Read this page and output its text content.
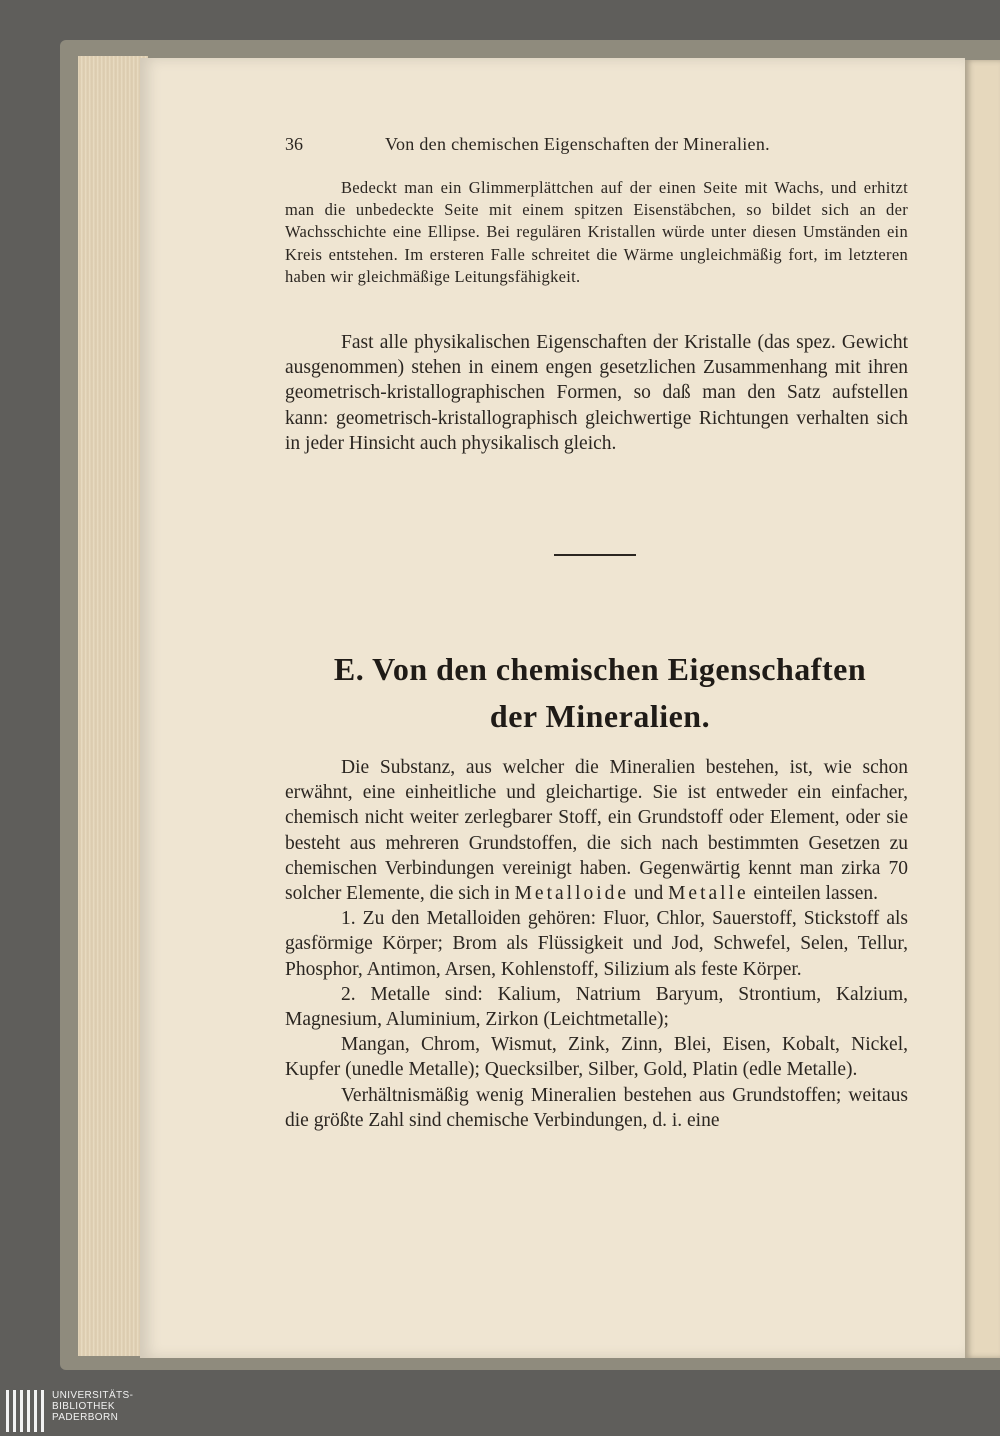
36	Von den chemischen Eigenschaften der Mineralien.

Bedeckt man ein Glimmerplättchen auf der einen Seite mit Wachs, und erhitzt man die unbedeckte Seite mit einem spitzen Eisenstäbchen, so bildet sich an der Wachsschichte eine Ellipse. Bei regulären Kristallen würde unter diesen Umständen ein Kreis entstehen. Im ersteren Falle schreitet die Wärme ungleichmäßig fort, im letzteren haben wir gleichmäßige Leitungsfähigkeit.

Fast alle physikalischen Eigenschaften der Kristalle (das spez. Gewicht ausgenommen) stehen in einem engen gesetzlichen Zusammenhang mit ihren geometrisch-kristallographischen Formen, so daß man den Satz aufstellen kann: geometrisch-kristallographisch gleichwertige Richtungen verhalten sich in jeder Hinsicht auch physikalisch gleich.

E. Von den chemischen Eigenschaften
der Mineralien.

Die Substanz, aus welcher die Mineralien bestehen, ist, wie schon erwähnt, eine einheitliche und gleichartige. Sie ist entweder ein einfacher, chemisch nicht weiter zerlegbarer Stoff, ein Grundstoff oder Element, oder sie besteht aus mehreren Grundstoffen, die sich nach bestimmten Gesetzen zu chemischen Verbindungen vereinigt haben. Gegenwärtig kennt man zirka 70 solcher Elemente, die sich in Metalloide und Metalle einteilen lassen.

1. Zu den Metalloiden gehören: Fluor, Chlor, Sauerstoff, Stickstoff als gasförmige Körper; Brom als Flüssigkeit und Jod, Schwefel, Selen, Tellur, Phosphor, Antimon, Arsen, Kohlenstoff, Silizium als feste Körper.

2. Metalle sind: Kalium, Natrium Baryum, Strontium, Kalzium, Magnesium, Aluminium, Zirkon (Leichtmetalle);

Mangan, Chrom, Wismut, Zink, Zinn, Blei, Eisen, Kobalt, Nickel, Kupfer (unedle Metalle); Quecksilber, Silber, Gold, Platin (edle Metalle).

Verhältnismäßig wenig Mineralien bestehen aus Grundstoffen; weitaus die größte Zahl sind chemische Verbindungen, d. i. eine

UNIVERSITÄTS-
BIBLIOTHEK
PADERBORN
